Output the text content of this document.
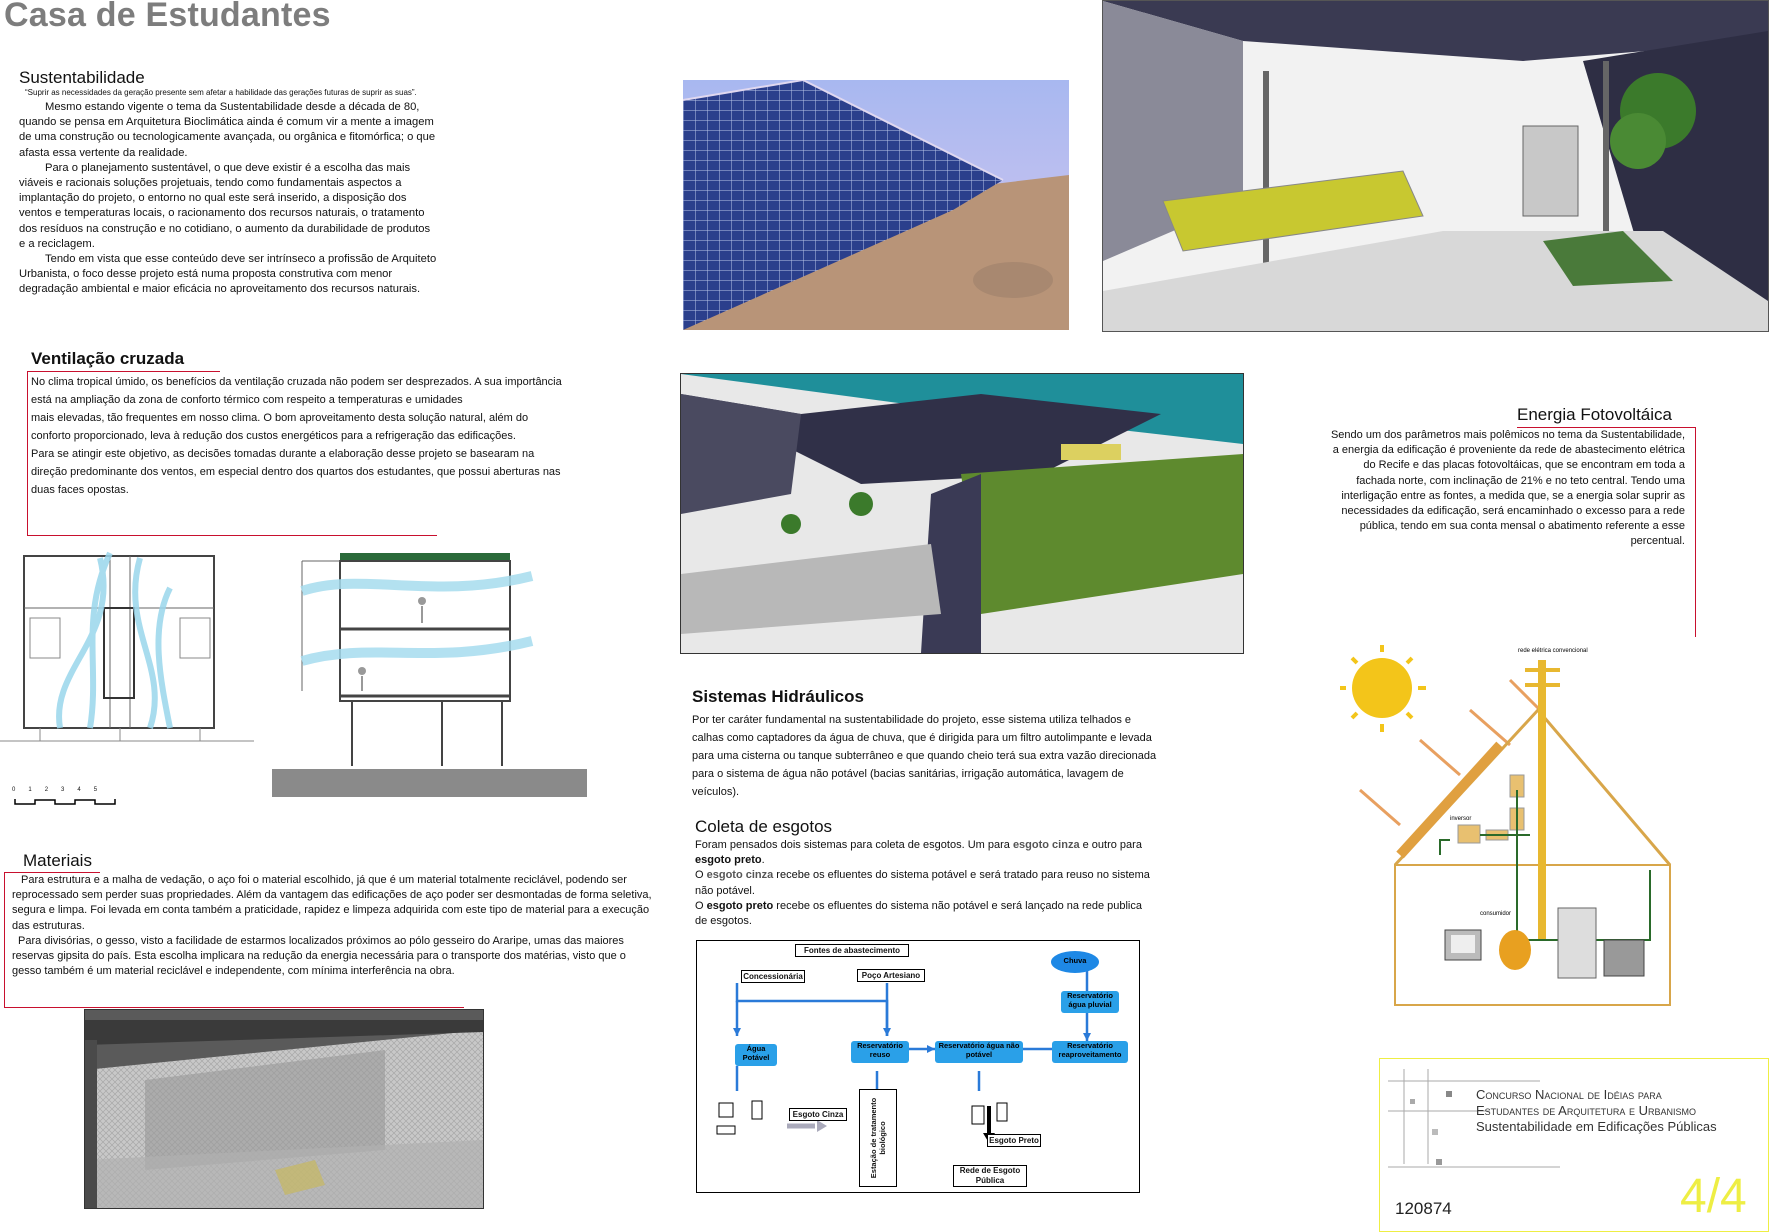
Casa de Estudantes
Sustentabilidade
“Suprir as necessidades da geração presente sem afetar a habilidade das gerações futuras de suprir as suas”.

Mesmo estando vigente o tema da Sustentabilidade desde a década de 80, quando se pensa em Arquitetura Bioclimática ainda é comum vir a mente a imagem de uma construção ou tecnologicamente avançada, ou orgânica e fitomórfica; o que afasta essa vertente da realidade.

Para o planejamento sustentável, o que deve existir é a escolha das mais viáveis e racionais soluções projetuais, tendo como fundamentais aspectos a implantação do projeto, o entorno no qual este será inserido, a disposição dos ventos e temperaturas locais, o racionamento dos recursos naturais, o tratamento dos resíduos na construção e no cotidiano, o aumento da durabilidade de produtos e a reciclagem.

Tendo em vista que esse conteúdo deve ser intrínseco a profissão de Arquiteto Urbanista, o foco desse projeto está numa proposta construtiva com menor degradação ambiental e maior eficácia no aproveitamento dos recursos naturais.

Ventilação cruzada

No clima tropical úmido, os benefícios da ventilação cruzada não podem ser desprezados. A sua importância está na ampliação da zona de conforto térmico com respeito a temperaturas e umidades

mais elevadas, tão frequentes em nosso clima. O bom aproveitamento desta solução natural, além do conforto proporcionado, leva à redução dos custos energéticos para a refrigeração das edificações.

Para se atingir este objetivo, as decisões tomadas durante a elaboração desse projeto se basearam na direção predominante dos ventos, em especial dentro dos quartos dos estudantes, que possui aberturas nas duas faces opostas.

0 1 2 3 4 5
Energia Fotovoltáica
Sendo um dos parâmetros mais polêmicos no tema da Sustentabilidade, a energia da edificação é proveniente da rede de abastecimento elétrica do Recife e das placas fotovoltáicas, que se encontram em toda a fachada norte, com inclinação de 21% e no teto central. Tendo uma interligação entre as fontes, a medida que, se a energia solar suprir as necessidades da edificação, será encaminhado o excesso para a rede pública, tendo em sua conta mensal o abatimento referente a esse percentual.
rede elétrica convencional
inversor
consumidor
Materiais

Para estrutura e a malha de vedação, o aço foi o material escolhido, já que é um material totalmente reciclável, podendo ser reprocessado sem perder suas propriedades. Além da vantagem das edificações de aço poder ser desmontadas de forma seletiva, segura e limpa. Foi levada em conta também a praticidade, rapidez e limpeza adquirida com este tipo de material para a execução das estruturas.

Para divisórias, o gesso, visto a facilidade de estarmos localizados próximos ao pólo gesseiro do Araripe, umas das maiores reservas gipsita do país. Esta escolha implicara na redução da energia necessária para o transporte dos matérias, visto que o gesso também é um material reciclável e independente, com mínima interferência na obra.

Sistemas Hidráulicos
Por ter caráter fundamental na sustentabilidade do projeto, esse sistema utiliza telhados e calhas como captadores da água de chuva, que é dirigida para um filtro autolimpante e levada para uma cisterna ou tanque subterrâneo e que quando cheio terá sua extra vazão direcionada para o sistema de água não potável (bacias sanitárias, irrigação automática, lavagem de veículos).
Coleta de esgotos

Foram pensados dois sistemas para coleta de esgotos. Um para esgoto cinza e outro para esgoto preto.

O esgoto cinza recebe os efluentes do sistema potável e será tratado para reuso no sistema não potável.

O esgoto preto recebe os efluentes do sistema não potável e será lançado na rede publica de esgotos.

Fontes de abastecimento
Concessionária	Poço Artesiano
Chuva
Reservatório água pluvial
Água Potável
Reservatório reuso
Reservatório água não potável
Reservatório reaproveitamento
Esgoto Cinza	Estação de tratamento biológico	Esgoto Preto
Rede de Esgoto Pública
Concurso Nacional de Idéias para
Estudantes de Arquitetura e Urbanismo
Sustentabilidade em Edificações Públicas
120874	4/4
